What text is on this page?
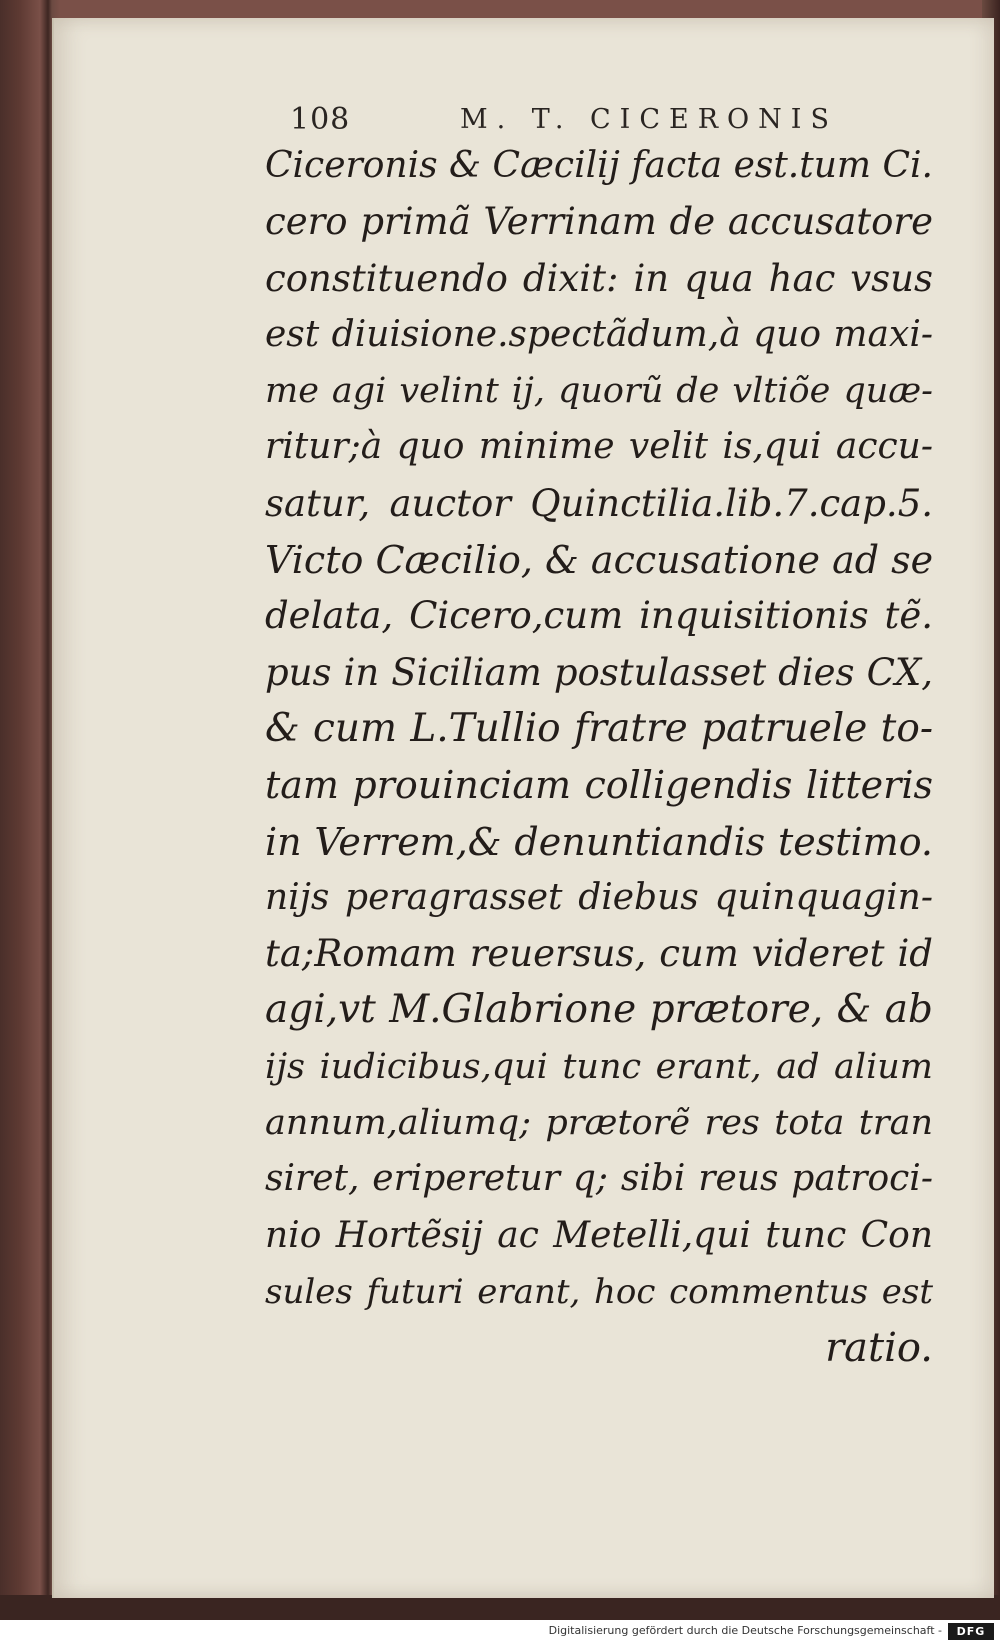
108	M. T. CICERONIS
Ciceronis & Cæcilij facta est.tum Ci.
cero primã Verrinam de accusatore
constituendo dixit: in qua hac vsus
est diuisione.spectãdum,à quo maxi-
me agi velint ij, quorũ de vltiõe quæ-
ritur;à quo minime velit is,qui accu-
satur, auctor Quinctilia.lib.7.cap.5.
Victo Cæcilio, & accusatione ad se
delata, Cicero,cum inquisitionis tẽ.
pus in Siciliam postulasset dies CX,
& cum L.Tullio fratre patruele to-
tam prouinciam colligendis litteris
in Verrem,& denuntiandis testimo.
nijs peragrasset diebus quinquagin-
ta;Romam reuersus, cum videret id
agi,vt M.Glabrione prætore, & ab
ijs iudicibus,qui tunc erant, ad alium
annum,aliumq; prætorẽ res tota tran
siret, eriperetur q; sibi reus patroci-
nio Hortẽsij ac Metelli,qui tunc Con
sules futuri erant, hoc commentus est
ratio.
Digitalisierung gefördert durch die Deutsche Forschungsgemeinschaft -	DFG
